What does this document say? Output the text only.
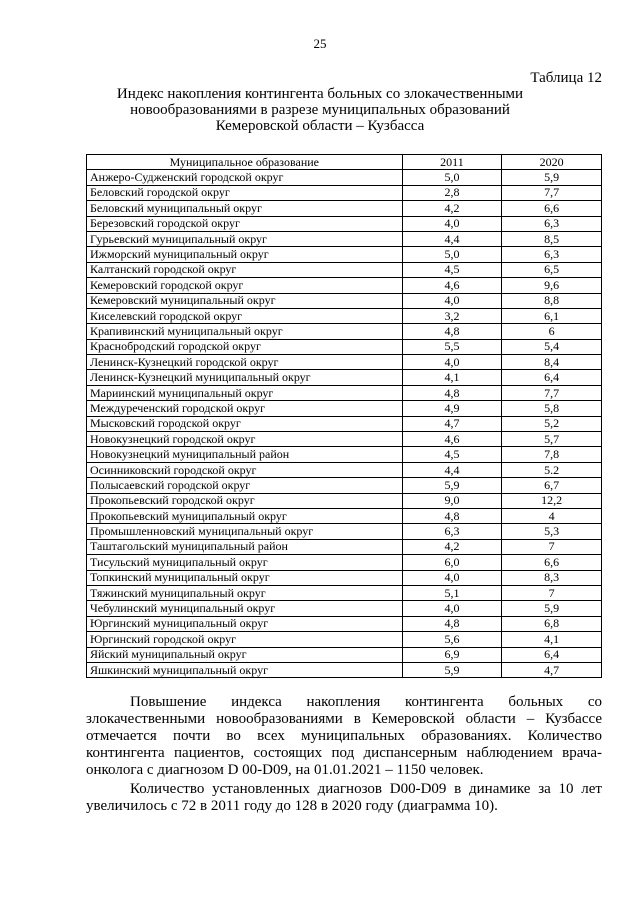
25
Таблица 12
Индекс накопления контингента больных со злокачественными
новообразованиями в разрезе муниципальных образований
Кемеровской области – Кузбасса
Муниципальное образование	2011	2020
Анжеро-Судженский городской округ	5,0	5,9
Беловский городской округ	2,8	7,7
Беловский муниципальный округ	4,2	6,6
Березовский городской округ	4,0	6,3
Гурьевский муниципальный округ	4,4	8,5
Ижморский муниципальный округ	5,0	6,3
Калтанский городской округ	4,5	6,5
Кемеровский городской округ	4,6	9,6
Кемеровский муниципальный округ	4,0	8,8
Киселевский городской округ	3,2	6,1
Крапивинский муниципальный округ	4,8	6
Краснобродский городской округ	5,5	5,4
Ленинск-Кузнецкий городской округ	4,0	8,4
Ленинск-Кузнецкий муниципальный округ	4,1	6,4
Мариинский муниципальный округ	4,8	7,7
Междуреченский городской округ	4,9	5,8
Мысковский городской округ	4,7	5,2
Новокузнецкий городской округ	4,6	5,7
Новокузнецкий муниципальный район	4,5	7,8
Осинниковский городской округ	4,4	5.2
Полысаевский городской округ	5,9	6,7
Прокопьевский городской округ	9,0	12,2
Прокопьевский муниципальный округ	4,8	4
Промышленновский муниципальный округ	6,3	5,3
Таштагольский муниципальный район	4,2	7
Тисульский муниципальный округ	6,0	6,6
Топкинский муниципальный округ	4,0	8,3
Тяжинский муниципальный округ	5,1	7
Чебулинский муниципальный округ	4,0	5,9
Юргинский муниципальный округ	4,8	6,8
Юргинский городской округ	5,6	4,1
Яйский муниципальный округ	6,9	6,4
Яшкинский муниципальный округ	5,9	4,7

Повышение индекса накопления контингента больных со злокачественными новообразованиями в Кемеровской области – Кузбассе отмечается почти во всех муниципальных образованиях. Количество контингента пациентов, состоящих под диспансерным наблюдением врача-онколога с диагнозом D 00-D09, на 01.01.2021 – 1150 человек.

Количество установленных диагнозов D00-D09 в динамике за 10 лет увеличилось с 72 в 2011 году до 128 в 2020 году (диаграмма 10).
